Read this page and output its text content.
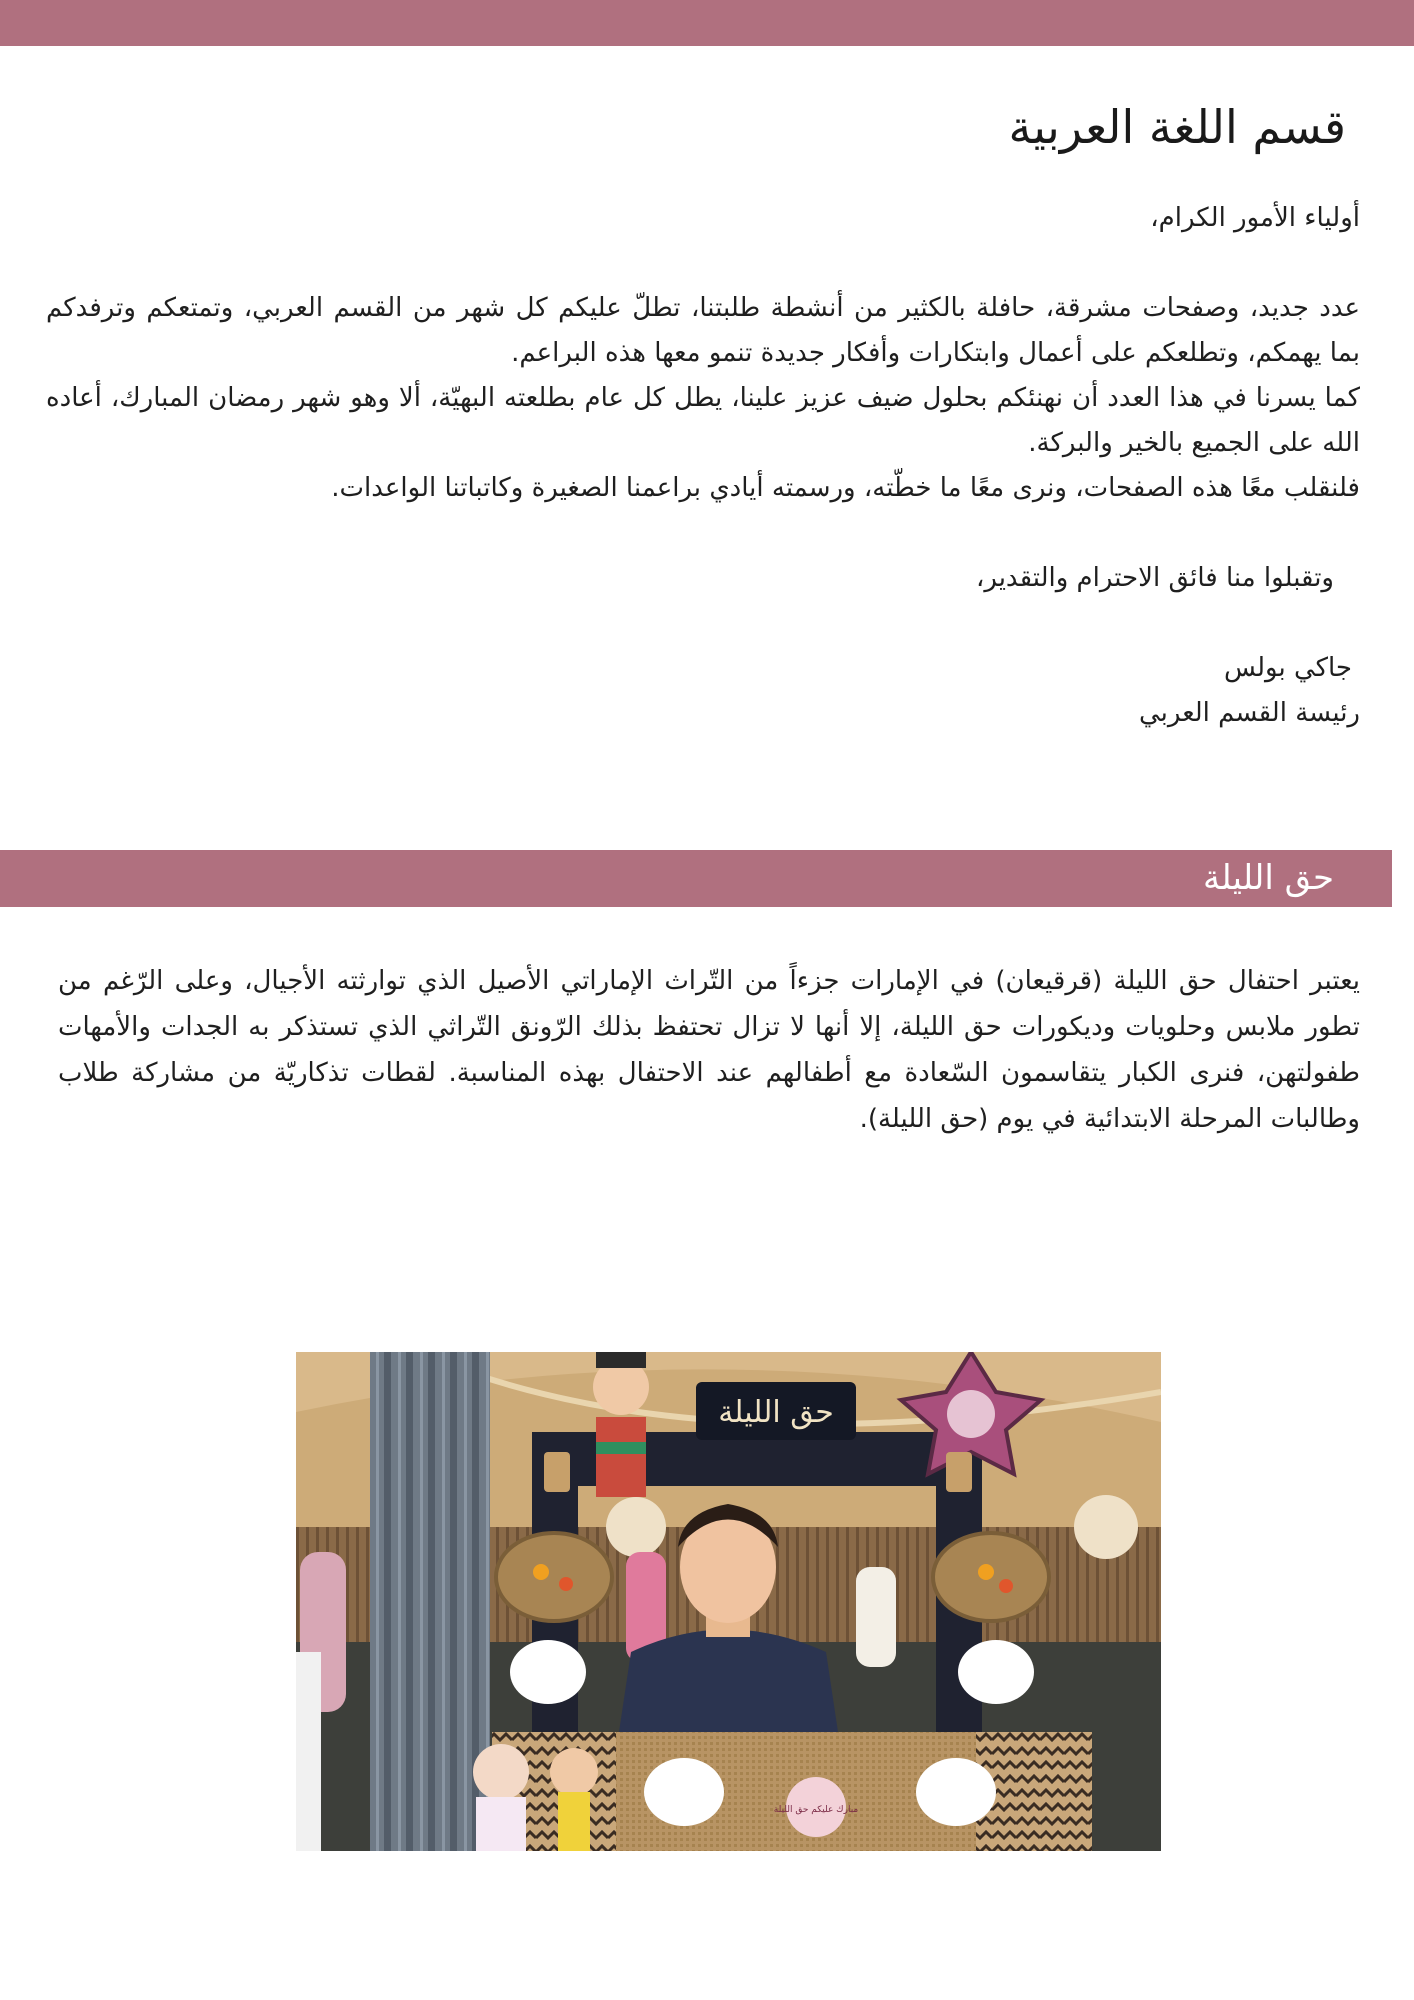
قسم اللغة العربية

أولياء الأمور الكرام،

عدد جديد، وصفحات مشرقة، حافلة بالكثير من أنشطة طلبتنا، تطلّ عليكم كل شهر من القسم العربي، وتمتعكم وترفدكم بما يهمكم، وتطلعكم على أعمال وابتكارات وأفكار جديدة تنمو معها هذه البراعم.

كما يسرنا في هذا العدد أن نهنئكم بحلول ضيف عزيز علينا، يطل كل عام بطلعته البهيّة، ألا وهو شهر رمضان المبارك، أعاده الله على الجميع بالخير والبركة.

فلنقلب معًا هذه الصفحات، ونرى معًا ما خطّته، ورسمته أيادي براعمنا الصغيرة وكاتباتنا الواعدات.

وتقبلوا منا فائق الاحترام والتقدير،

جاكي بولس

رئيسة القسم العربي

حق الليلة

يعتبر احتفال حق الليلة (قرقيعان) في الإمارات جزءاً من التّراث الإماراتي الأصيل الذي توارثته الأجيال، وعلى الرّغم من تطور ملابس وحلويات وديكورات حق الليلة، إلا أنها لا تزال تحتفظ بذلك الرّونق التّراثي الذي تستذكر به الجدات والأمهات طفولتهن، فنرى الكبار يتقاسمون السّعادة مع أطفالهم عند الاحتفال بهذه المناسبة. لقطات تذكاريّة من مشاركة طلاب وطالبات المرحلة الابتدائية في يوم (حق الليلة).

حق الليلة
مبارك عليكم حق الليلة
